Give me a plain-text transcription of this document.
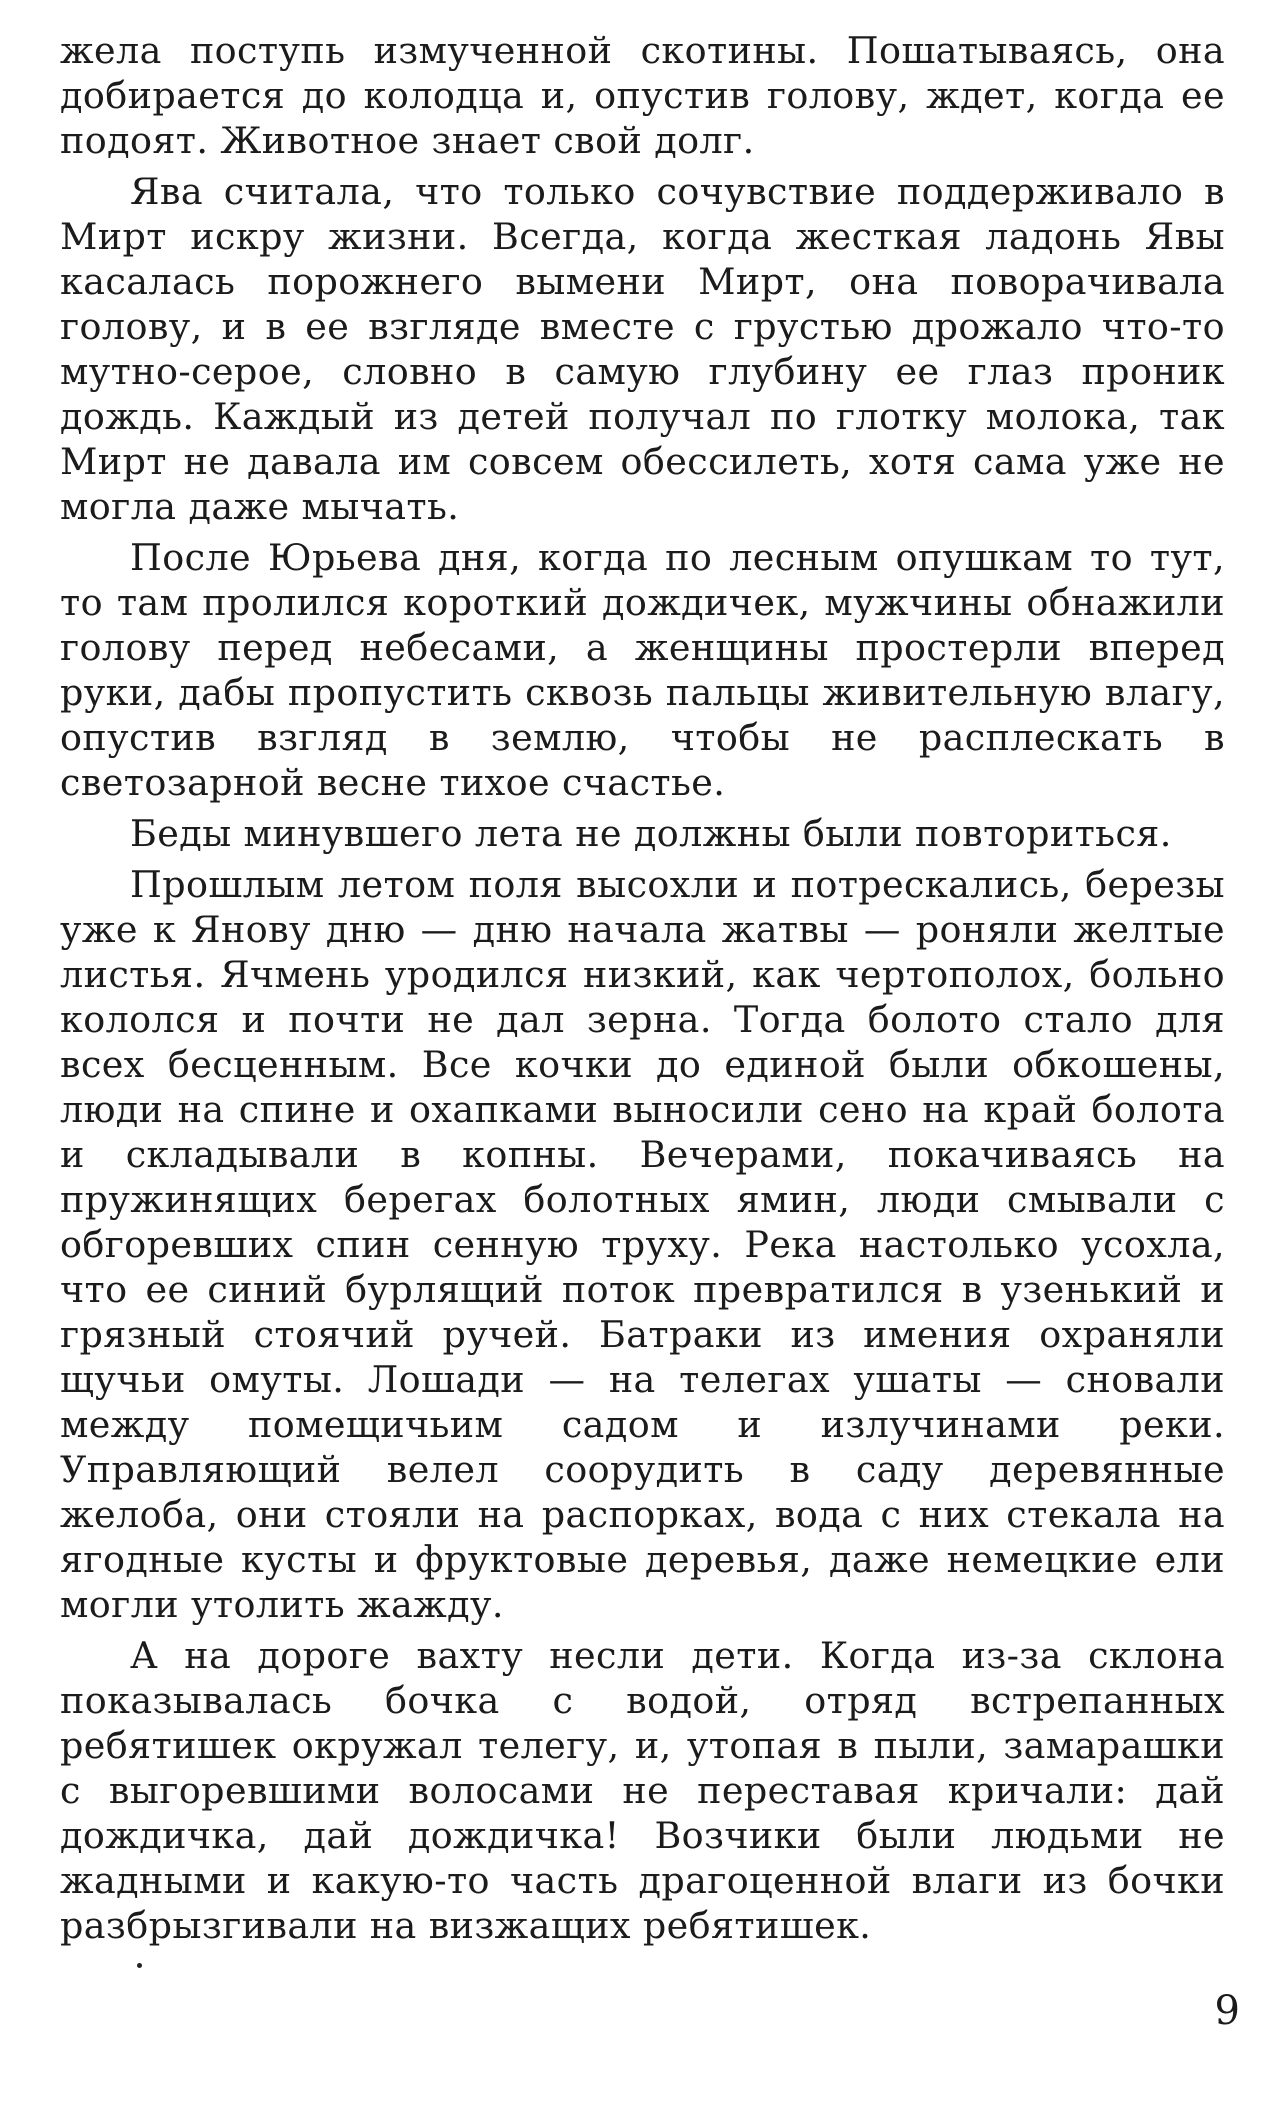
жела поступь измученной скотины. Пошатываясь, она добирается до колодца и, опустив голову, ждет, когда ее подоят. Животное знает свой долг.

Ява считала, что только сочувствие поддерживало в Мирт искру жизни. Всегда, когда жесткая ладонь Явы касалась порожнего вымени Мирт, она поворачивала голову, и в ее взгляде вместе с грустью дрожало что-то мутно-серое, словно в самую глубину ее глаз проник дождь. Каждый из детей получал по глотку молока, так Мирт не давала им совсем обессилеть, хотя сама уже не могла даже мычать.

После Юрьева дня, когда по лесным опушкам то тут, то там пролился короткий дождичек, мужчины обнажили голову перед небесами, а женщины простерли вперед руки, дабы пропустить сквозь пальцы живительную влагу, опустив взгляд в землю, чтобы не расплескать в светозарной весне тихое счастье.

Беды минувшего лета не должны были повториться.

Прошлым летом поля высохли и потрескались, березы уже к Янову дню — дню начала жатвы — роняли желтые листья. Ячмень уродился низкий, как чертополох, больно кололся и почти не дал зерна. Тогда болото стало для всех бесценным. Все кочки до единой были обкошены, люди на спине и охапками выносили сено на край болота и складывали в копны. Вечерами, покачиваясь на пружинящих берегах болотных ямин, люди смывали с обгоревших спин сенную труху. Река настолько усохла, что ее синий бурлящий поток превратился в узенький и грязный стоячий ручей. Батраки из имения охраняли щучьи омуты. Лошади — на телегах ушаты — сновали между помещичьим садом и излучинами реки. Управляющий велел соорудить в саду деревянные желоба, они стояли на распорках, вода с них стекала на ягодные кусты и фруктовые деревья, даже немецкие ели могли утолить жажду.

А на дороге вахту несли дети. Когда из-за склона показывалась бочка с водой, отряд встрепанных ребятишек окружал телегу, и, утопая в пыли, замарашки с выгоревшими волосами не переставая кричали: дай дождичка, дай дождичка! Возчики были людьми не жадными и какую-то часть драгоценной влаги из бочки разбрызгивали на визжащих ребятишек.

9
